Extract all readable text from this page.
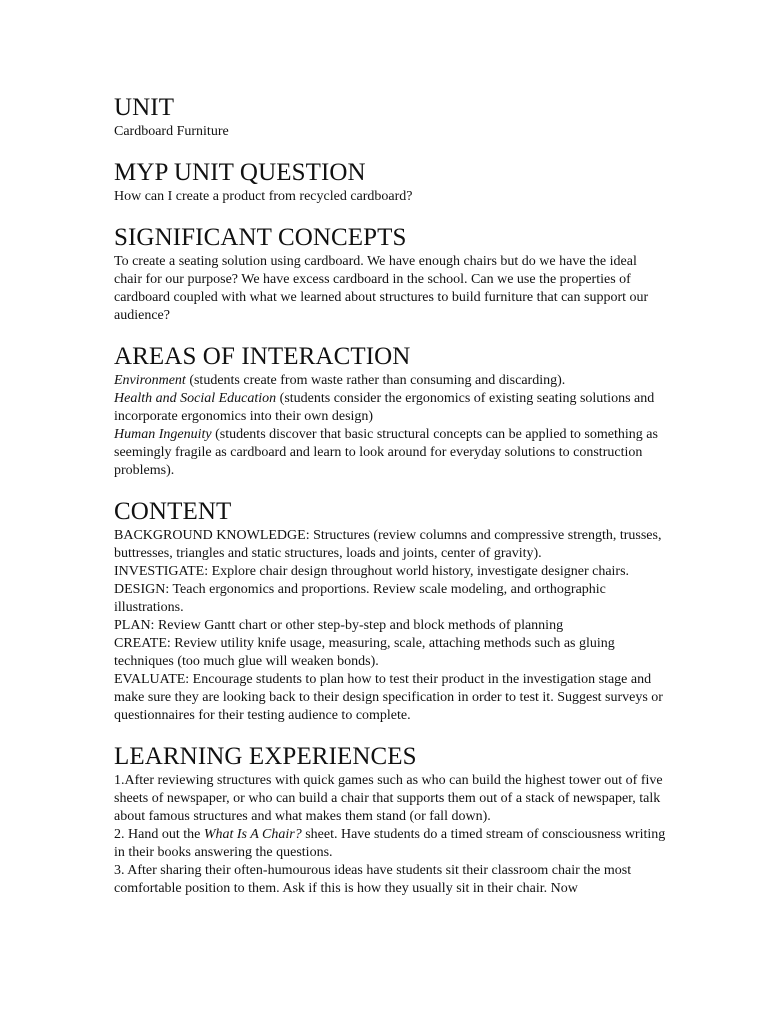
UNIT

Cardboard Furniture

MYP UNIT QUESTION

How can I create a product from recycled cardboard?

SIGNIFICANT CONCEPTS

To create a seating solution using cardboard. We have enough chairs but do we have the ideal chair for our purpose? We have excess cardboard in the school. Can we use the properties of cardboard coupled with what we learned about structures to build furniture that can support our audience?

AREAS OF INTERACTION

Environment (students create from waste rather than consuming and discarding).

Health and Social Education (students consider the ergonomics of existing seating solutions and incorporate ergonomics into their own design)

Human Ingenuity (students discover that basic structural concepts can be applied to something as seemingly fragile as cardboard and learn to look around for everyday solutions to construction problems).

CONTENT

BACKGROUND KNOWLEDGE: Structures (review columns and compressive strength, trusses, buttresses, triangles and static structures, loads and joints, center of gravity).

INVESTIGATE: Explore chair design throughout world history, investigate designer chairs.

DESIGN: Teach ergonomics and proportions. Review scale modeling, and orthographic illustrations.

PLAN: Review Gantt chart or other step-by-step and block methods of planning

CREATE: Review utility knife usage, measuring, scale, attaching methods such as gluing techniques (too much glue will weaken bonds).

EVALUATE: Encourage students to plan how to test their product in the investigation stage and make sure they are looking back to their design specification in order to test it. Suggest surveys or questionnaires for their testing audience to complete.

LEARNING EXPERIENCES

1.After reviewing structures with quick games such as who can build the highest tower out of five sheets of newspaper, or who can build a chair that supports them out of a stack of newspaper, talk about famous structures and what makes them stand (or fall down).

2. Hand out the What Is A Chair? sheet. Have students do a timed stream of consciousness writing in their books answering the questions.

3. After sharing their often-humourous ideas have students sit their classroom chair the most comfortable position to them. Ask if this is how they usually sit in their chair. Now
